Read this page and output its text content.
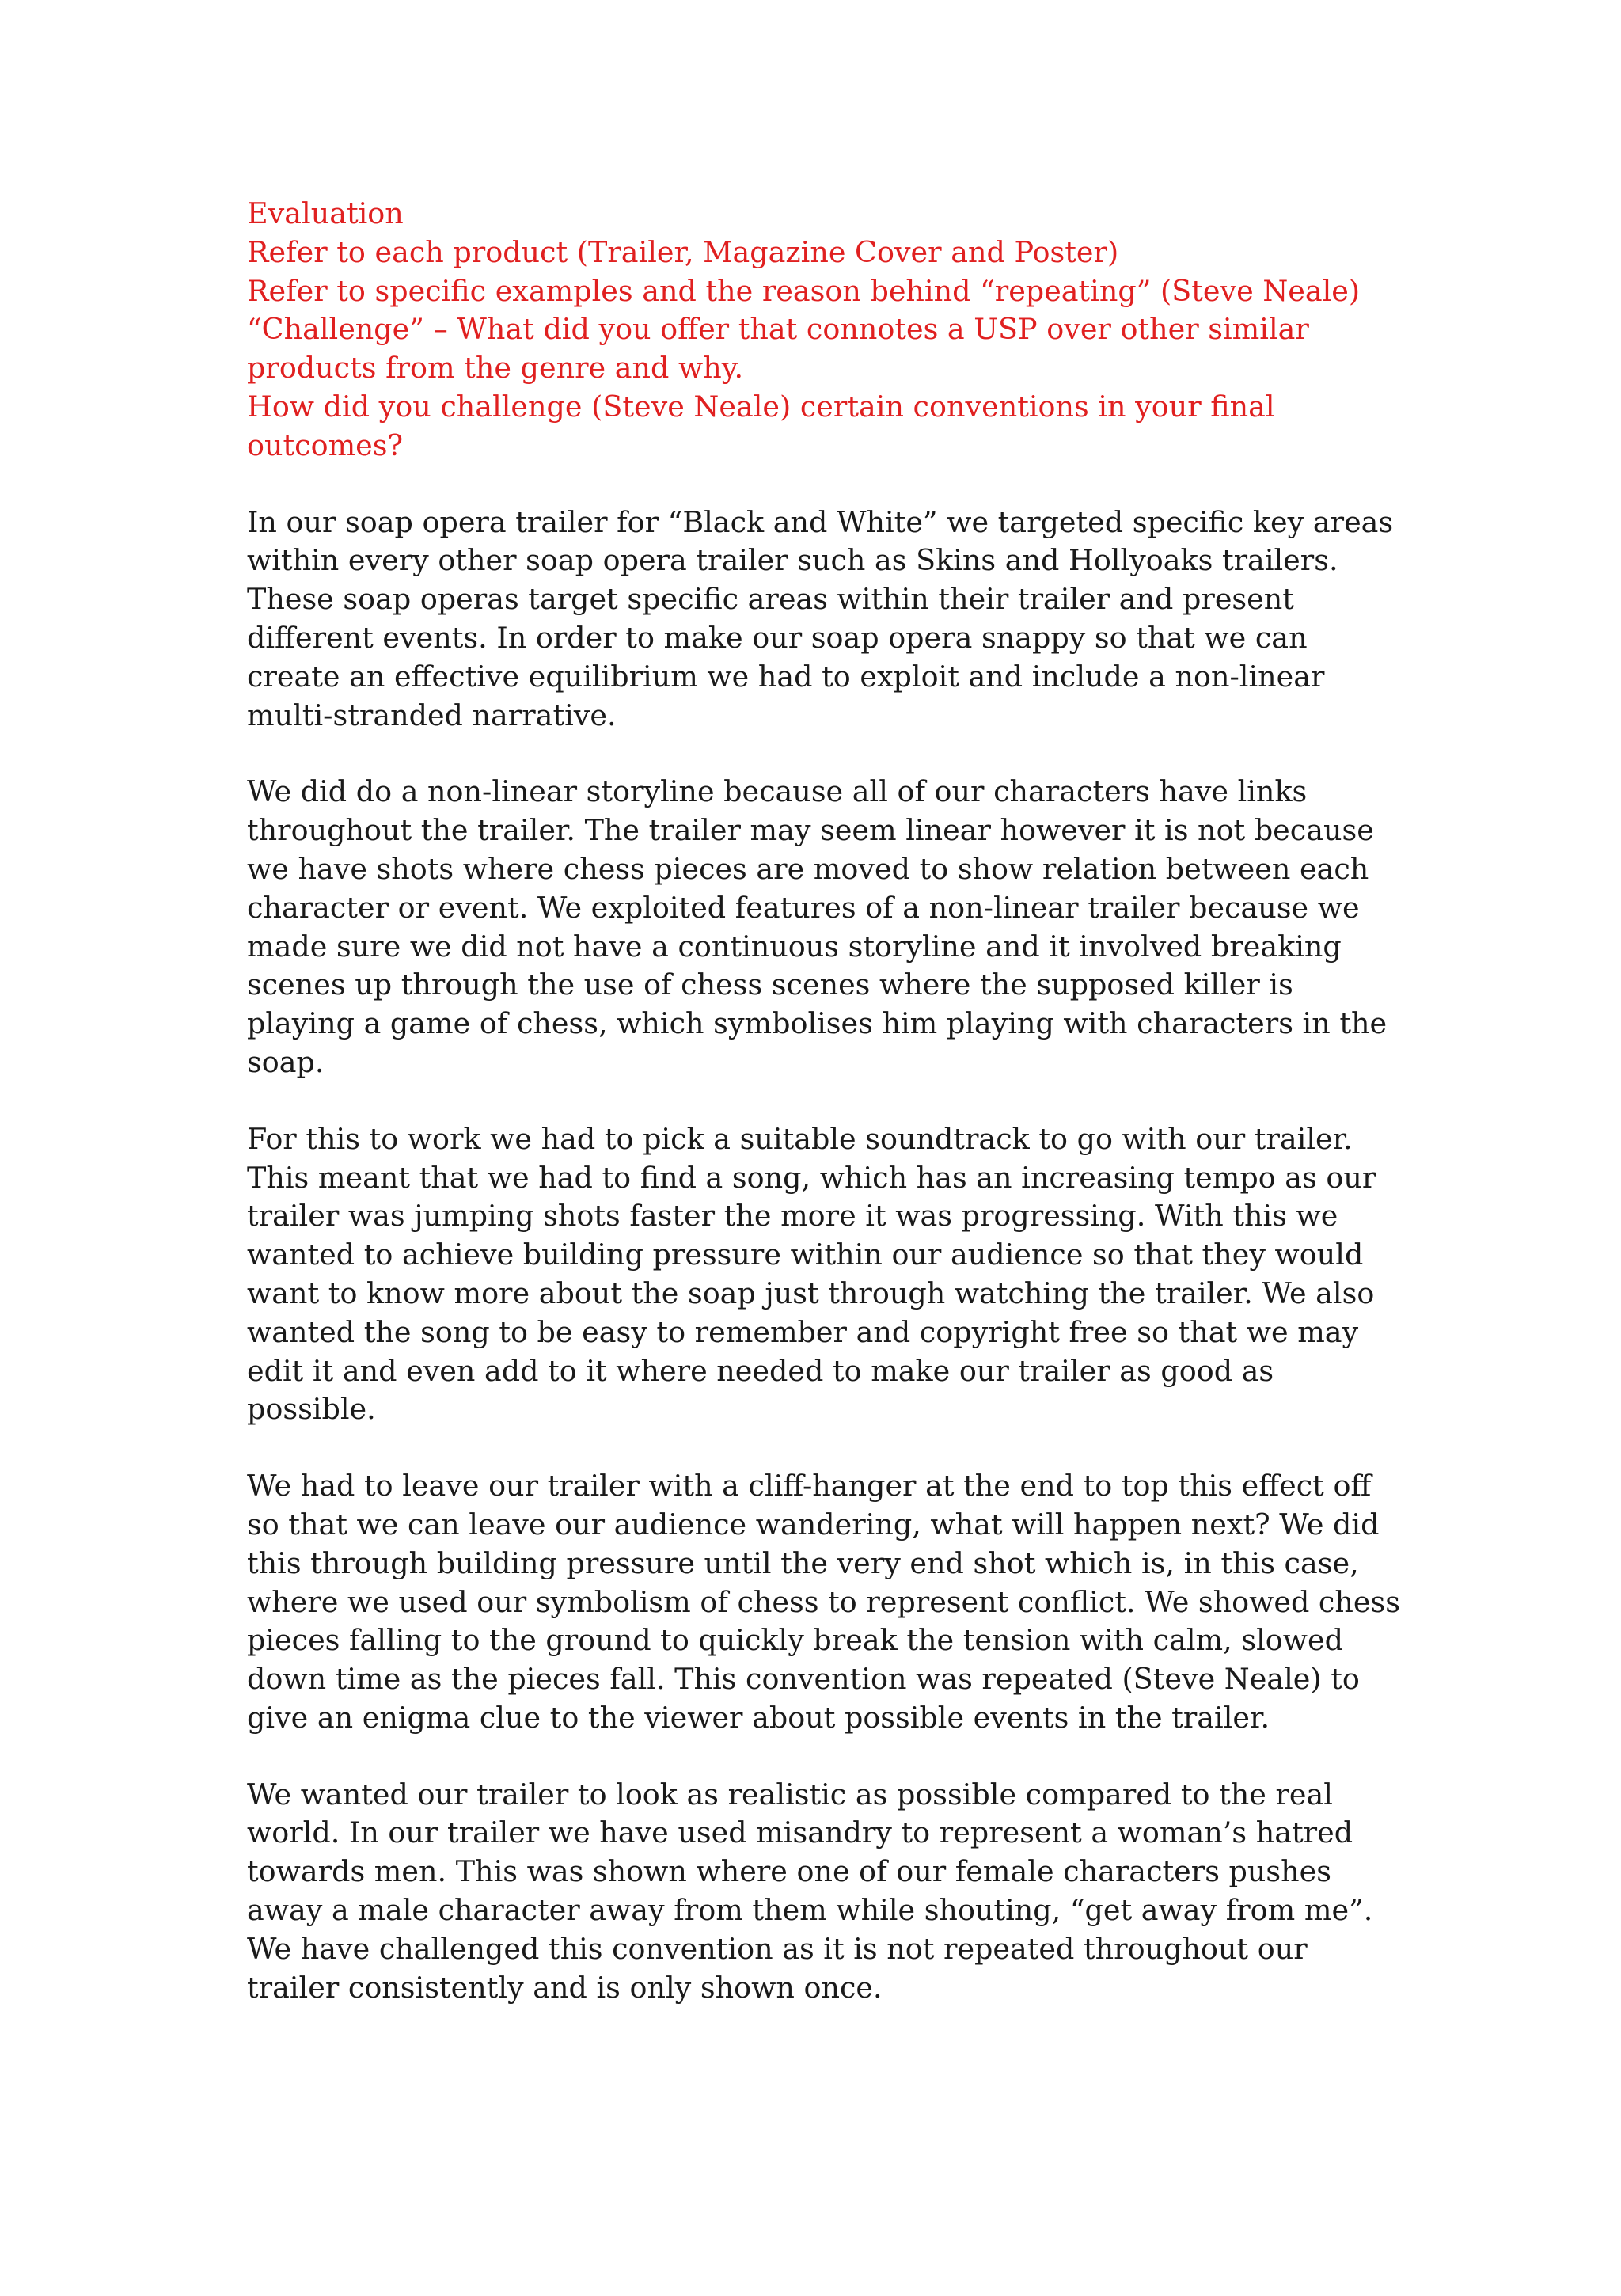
Evaluation
Refer to each product (Trailer, Magazine Cover and Poster)
Refer to specific examples and the reason behind “repeating” (Steve Neale)
“Challenge” – What did you offer that connotes a USP over other similar products from the genre and why.
How did you challenge (Steve Neale) certain conventions in your final outcomes?

In our soap opera trailer for “Black and White” we targeted specific key areas within every other soap opera trailer such as Skins and Hollyoaks trailers. These soap operas target specific areas within their trailer and present different events. In order to make our soap opera snappy so that we can create an effective equilibrium we had to exploit and include a non-linear multi-stranded narrative.

We did do a non-linear storyline because all of our characters have links throughout the trailer. The trailer may seem linear however it is not because we have shots where chess pieces are moved to show relation between each character or event. We exploited features of a non-linear trailer because we made sure we did not have a continuous storyline and it involved breaking scenes up through the use of chess scenes where the supposed killer is playing a game of chess, which symbolises him playing with characters in the soap.

For this to work we had to pick a suitable soundtrack to go with our trailer. This meant that we had to find a song, which has an increasing tempo as our trailer was jumping shots faster the more it was progressing. With this we wanted to achieve building pressure within our audience so that they would want to know more about the soap just through watching the trailer. We also wanted the song to be easy to remember and copyright free so that we may edit it and even add to it where needed to make our trailer as good as possible.

We had to leave our trailer with a cliff-hanger at the end to top this effect off so that we can leave our audience wandering, what will happen next? We did this through building pressure until the very end shot which is, in this case, where we used our symbolism of chess to represent conflict. We showed chess pieces falling to the ground to quickly break the tension with calm, slowed down time as the pieces fall. This convention was repeated (Steve Neale) to give an enigma clue to the viewer about possible events in the trailer.

We wanted our trailer to look as realistic as possible compared to the real world. In our trailer we have used misandry to represent a woman’s hatred towards men. This was shown where one of our female characters pushes away a male character away from them while shouting, “get away from me”. We have challenged this convention as it is not repeated throughout our trailer consistently and is only shown once.
